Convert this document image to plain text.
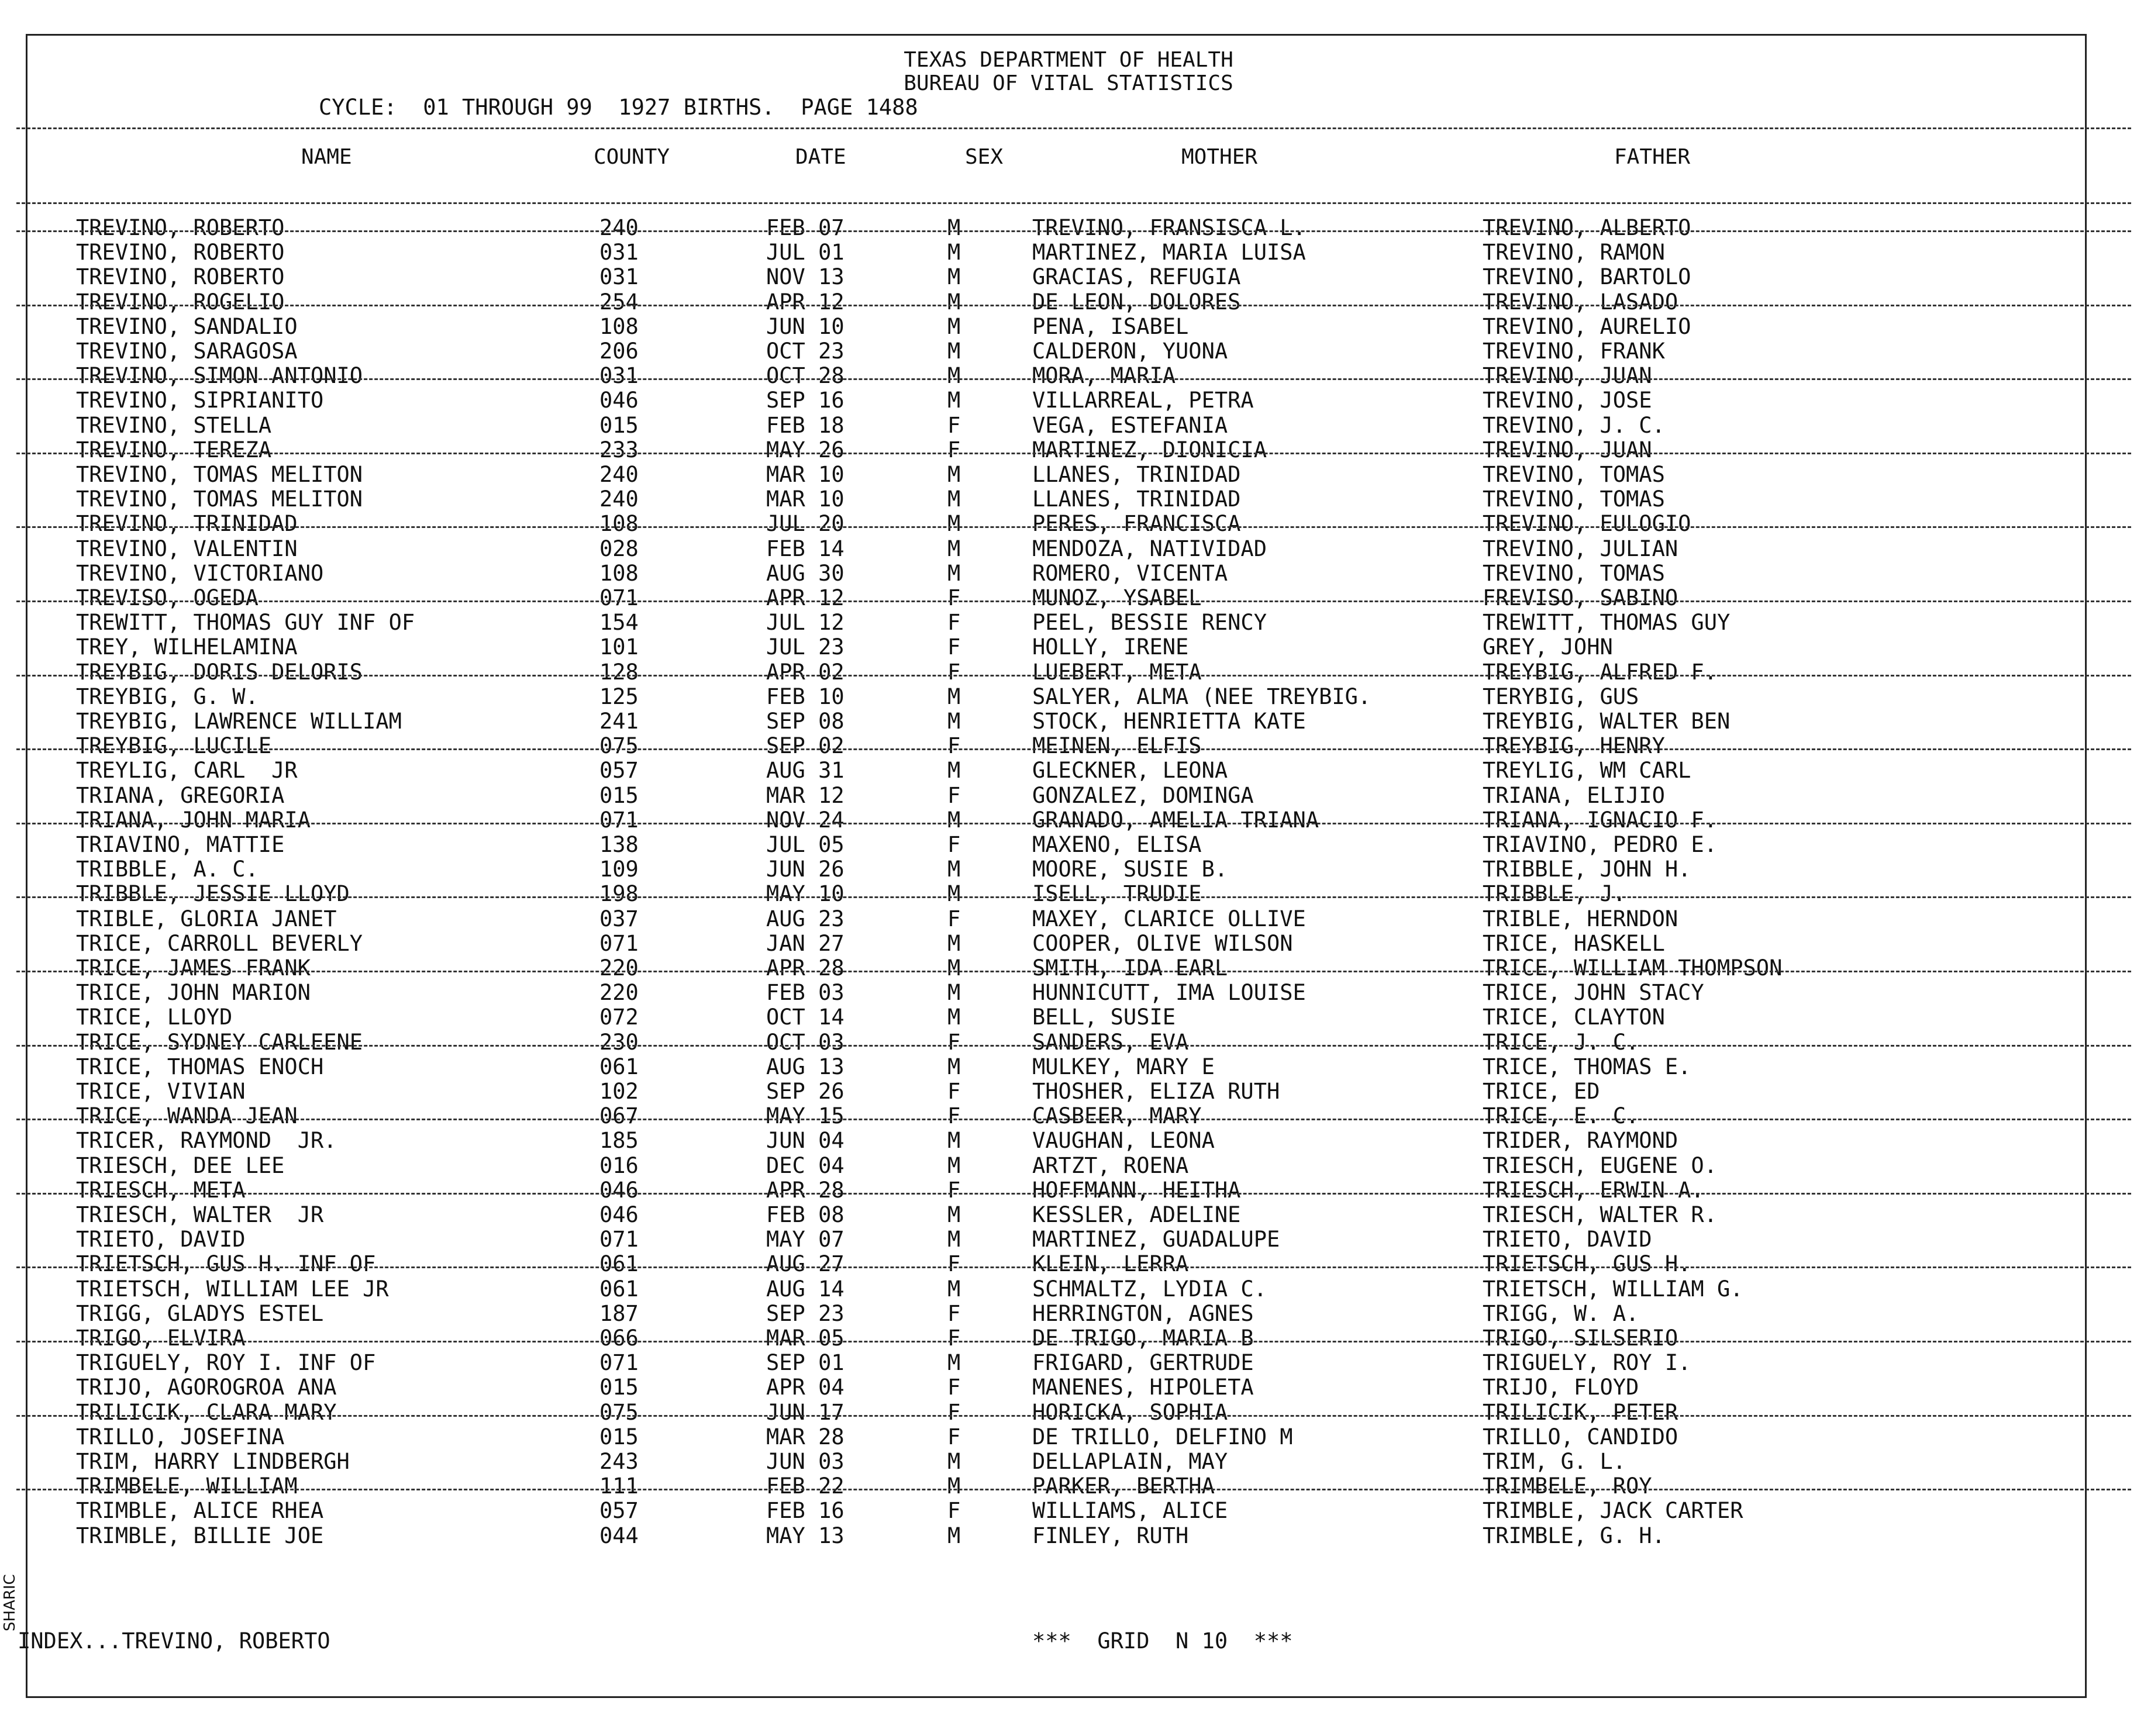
TEXAS DEPARTMENT OF HEALTH
BUREAU OF VITAL STATISTICS
CYCLE:  01 THROUGH 99  1927 BIRTHS.  PAGE 1488
NAME	COUNTY	DATE	SEX	MOTHER	FATHER
TREVINO, ROBERTO	240	FEB 07	M	TREVINO, FRANSISCA L.	TREVINO, ALBERTO
TREVINO, ROBERTO	031	JUL 01	M	MARTINEZ, MARIA LUISA	TREVINO, RAMON
TREVINO, ROBERTO	031	NOV 13	M	GRACIAS, REFUGIA	TREVINO, BARTOLO
TREVINO, ROGELIO	254	APR 12	M	DE LEON, DOLORES	TREVINO, LASADO
TREVINO, SANDALIO	108	JUN 10	M	PENA, ISABEL	TREVINO, AURELIO
TREVINO, SARAGOSA	206	OCT 23	M	CALDERON, YUONA	TREVINO, FRANK
TREVINO, SIMON ANTONIO	031	OCT 28	M	MORA, MARIA	TREVINO, JUAN
TREVINO, SIPRIANITO	046	SEP 16	M	VILLARREAL, PETRA	TREVINO, JOSE
TREVINO, STELLA	015	FEB 18	F	VEGA, ESTEFANIA	TREVINO, J. C.
TREVINO, TEREZA	233	MAY 26	F	MARTINEZ, DIONICIA	TREVINO, JUAN
TREVINO, TOMAS MELITON	240	MAR 10	M	LLANES, TRINIDAD	TREVINO, TOMAS
TREVINO, TOMAS MELITON	240	MAR 10	M	LLANES, TRINIDAD	TREVINO, TOMAS
TREVINO, TRINIDAD	108	JUL 20	M	PERES, FRANCISCA	TREVINO, EULOGIO
TREVINO, VALENTIN	028	FEB 14	M	MENDOZA, NATIVIDAD	TREVINO, JULIAN
TREVINO, VICTORIANO	108	AUG 30	M	ROMERO, VICENTA	TREVINO, TOMAS
TREVISO, OGEDA	071	APR 12	F	MUNOZ, YSABEL	FREVISO, SABINO
TREWITT, THOMAS GUY INF OF	154	JUL 12	F	PEEL, BESSIE RENCY	TREWITT, THOMAS GUY
TREY, WILHELAMINA	101	JUL 23	F	HOLLY, IRENE	GREY, JOHN
TREYBIG, DORIS DELORIS	128	APR 02	F	LUEBERT, META	TREYBIG, ALFRED F.
TREYBIG, G. W.	125	FEB 10	M	SALYER, ALMA (NEE TREYBIG.	TERYBIG, GUS
TREYBIG, LAWRENCE WILLIAM	241	SEP 08	M	STOCK, HENRIETTA KATE	TREYBIG, WALTER BEN
TREYBIG, LUCILE	075	SEP 02	F	MEINEN, ELFIS	TREYBIG, HENRY
TREYLIG, CARL  JR	057	AUG 31	M	GLECKNER, LEONA	TREYLIG, WM CARL
TRIANA, GREGORIA	015	MAR 12	F	GONZALEZ, DOMINGA	TRIANA, ELIJIO
TRIANA, JOHN MARIA	071	NOV 24	M	GRANADO, AMELIA TRIANA	TRIANA, IGNACIO F.
TRIAVINO, MATTIE	138	JUL 05	F	MAXENO, ELISA	TRIAVINO, PEDRO E.
TRIBBLE, A. C.	109	JUN 26	M	MOORE, SUSIE B.	TRIBBLE, JOHN H.
TRIBBLE, JESSIE LLOYD	198	MAY 10	M	ISELL, TRUDIE	TRIBBLE, J.
TRIBLE, GLORIA JANET	037	AUG 23	F	MAXEY, CLARICE OLLIVE	TRIBLE, HERNDON
TRICE, CARROLL BEVERLY	071	JAN 27	M	COOPER, OLIVE WILSON	TRICE, HASKELL
TRICE, JAMES FRANK	220	APR 28	M	SMITH, IDA EARL	TRICE, WILLIAM THOMPSON
TRICE, JOHN MARION	220	FEB 03	M	HUNNICUTT, IMA LOUISE	TRICE, JOHN STACY
TRICE, LLOYD	072	OCT 14	M	BELL, SUSIE	TRICE, CLAYTON
TRICE, SYDNEY CARLEENE	230	OCT 03	F	SANDERS, EVA	TRICE, J. C.
TRICE, THOMAS ENOCH	061	AUG 13	M	MULKEY, MARY E	TRICE, THOMAS E.
TRICE, VIVIAN	102	SEP 26	F	THOSHER, ELIZA RUTH	TRICE, ED
TRICE, WANDA JEAN	067	MAY 15	F	CASBEER, MARY	TRICE, E. C.
TRICER, RAYMOND  JR.	185	JUN 04	M	VAUGHAN, LEONA	TRIDER, RAYMOND
TRIESCH, DEE LEE	016	DEC 04	M	ARTZT, ROENA	TRIESCH, EUGENE O.
TRIESCH, META	046	APR 28	F	HOFFMANN, HEITHA	TRIESCH, ERWIN A.
TRIESCH, WALTER  JR	046	FEB 08	M	KESSLER, ADELINE	TRIESCH, WALTER R.
TRIETO, DAVID	071	MAY 07	M	MARTINEZ, GUADALUPE	TRIETO, DAVID
TRIETSCH, GUS H. INF OF	061	AUG 27	F	KLEIN, LERRA	TRIETSCH, GUS H.
TRIETSCH, WILLIAM LEE JR	061	AUG 14	M	SCHMALTZ, LYDIA C.	TRIETSCH, WILLIAM G.
TRIGG, GLADYS ESTEL	187	SEP 23	F	HERRINGTON, AGNES	TRIGG, W. A.
TRIGO, ELVIRA	066	MAR 05	F	DE TRIGO, MARIA B	TRIGO, SILSERIO
TRIGUELY, ROY I. INF OF	071	SEP 01	M	FRIGARD, GERTRUDE	TRIGUELY, ROY I.
TRIJO, AGOROGROA ANA	015	APR 04	F	MANENES, HIPOLETA	TRIJO, FLOYD
TRILICIK, CLARA MARY	075	JUN 17	F	HORICKA, SOPHIA	TRILICIK, PETER
TRILLO, JOSEFINA	015	MAR 28	F	DE TRILLO, DELFINO M	TRILLO, CANDIDO
TRIM, HARRY LINDBERGH	243	JUN 03	M	DELLAPLAIN, MAY	TRIM, G. L.
TRIMBELE, WILLIAM	111	FEB 22	M	PARKER, BERTHA	TRIMBELE, ROY
TRIMBLE, ALICE RHEA	057	FEB 16	F	WILLIAMS, ALICE	TRIMBLE, JACK CARTER
TRIMBLE, BILLIE JOE	044	MAY 13	M	FINLEY, RUTH	TRIMBLE, G. H.
INDEX...TREVINO, ROBERTO	***  GRID  N 10  ***
SHARIC
